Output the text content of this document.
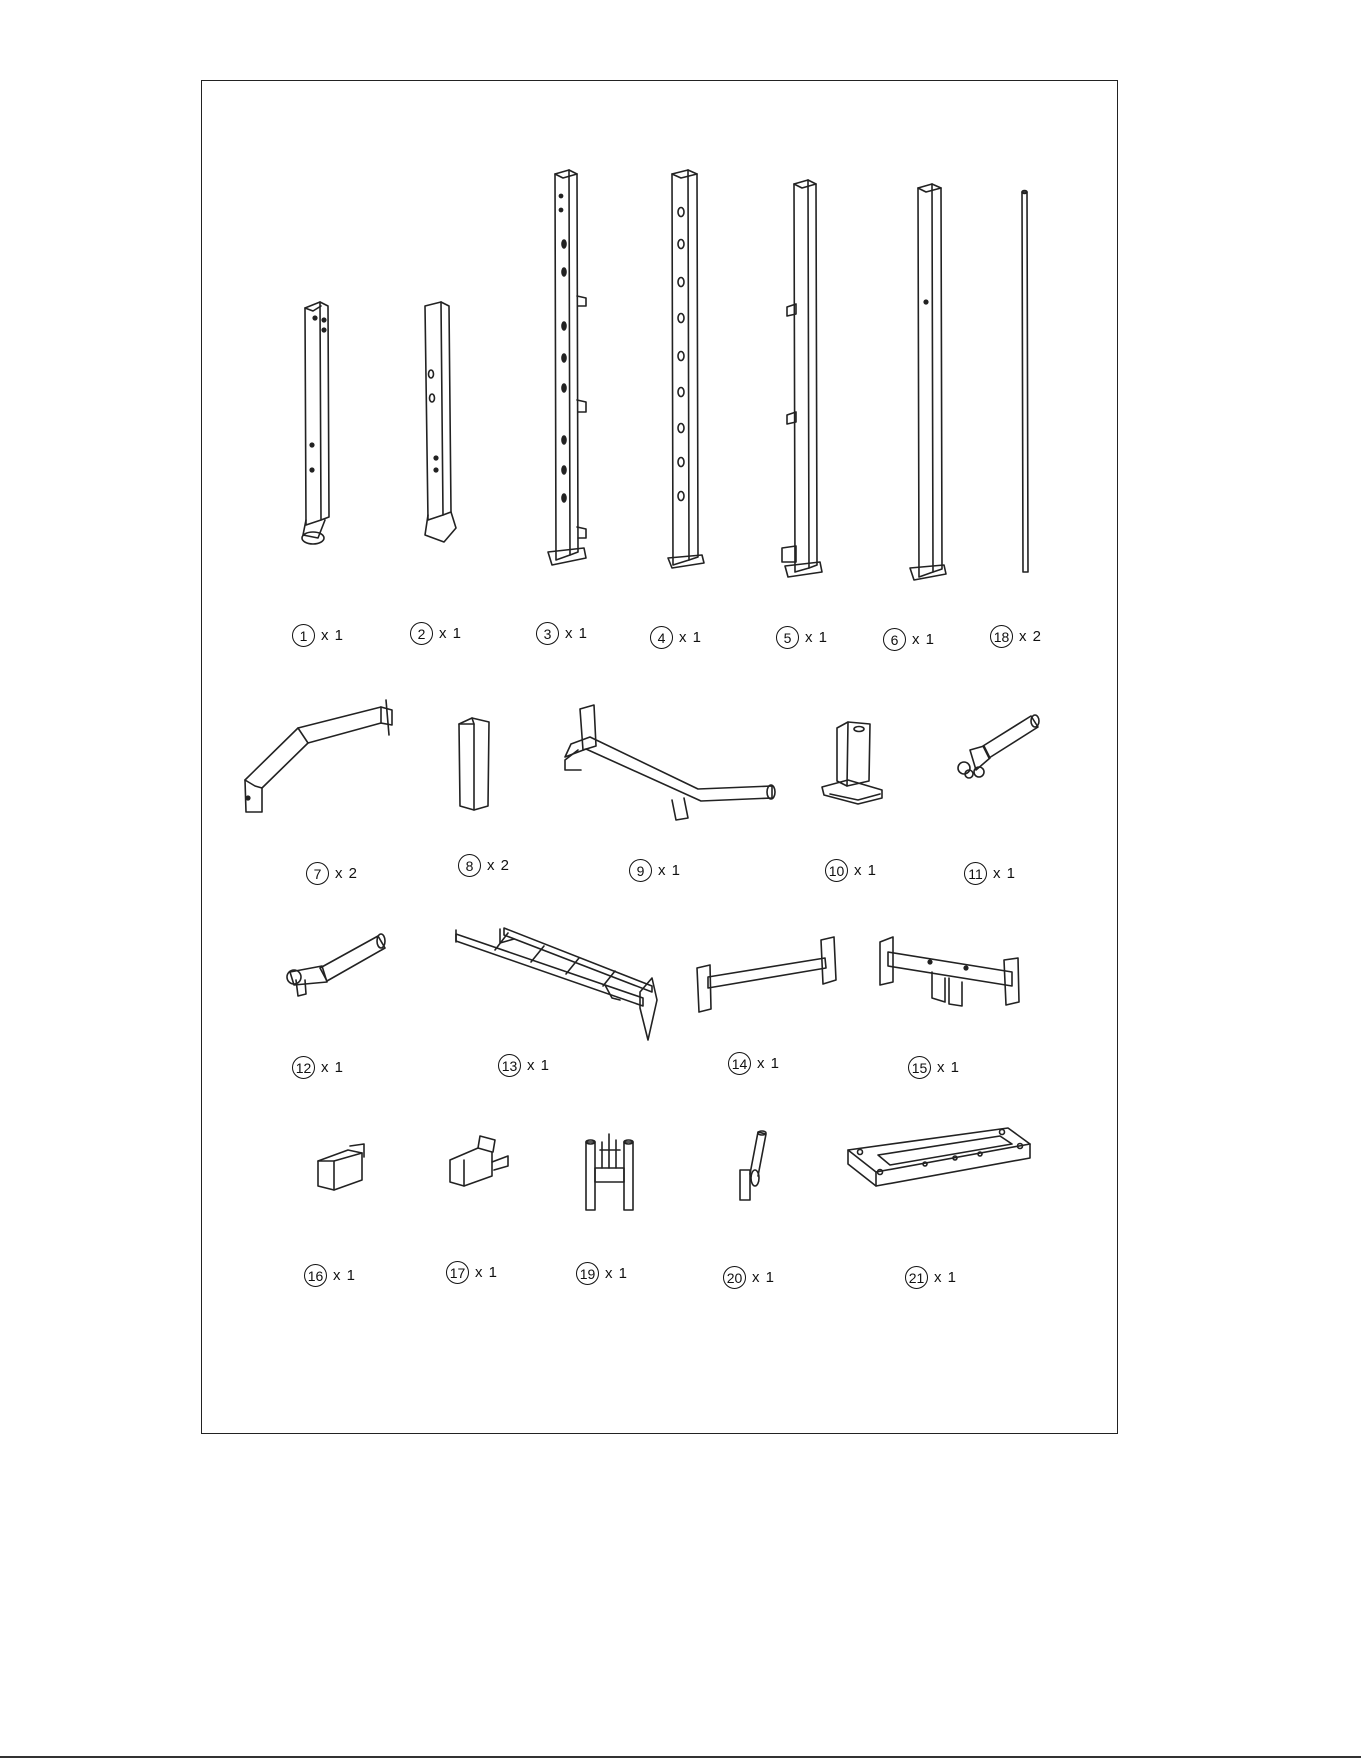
1 x 1	2 x 1	3 x 1	4 x 1	5 x 1	6 x 1	18 x 2
7 x 2	8 x 2	9 x 1	10 x 1	11 x 1
12 x 1	13 x 1	14 x 1	15 x 1
16 x 1	17 x 1	19 x 1	20 x 1	21 x 1
